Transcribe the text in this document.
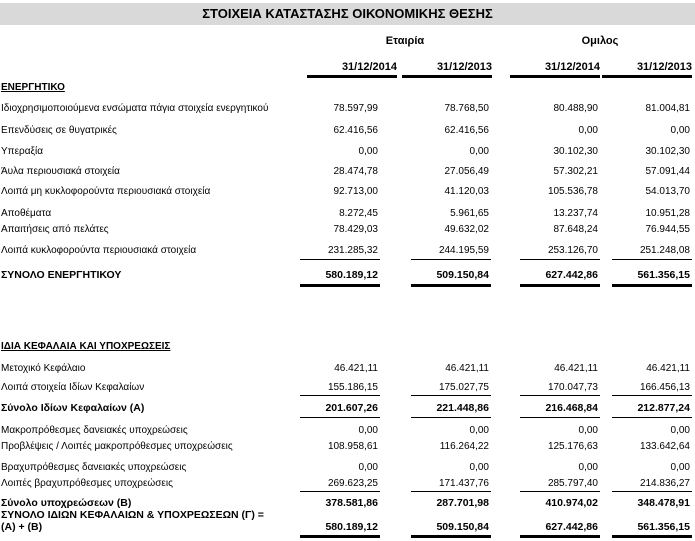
ΣΤΟΙΧΕΙΑ ΚΑΤΑΣΤΑΣΗΣ ΟΙΚΟΝΟΜΙΚΗΣ ΘΕΣΗΣ
Εταιρία	Ομιλος
31/12/2014	31/12/2013	31/12/2014	31/12/2013
ΕΝΕΡΓΗΤΙΚΟ
Ιδιοχρησιμοποιούμενα ενσώματα πάγια στοιχεία ενεργητικού	78.597,99	78.768,50	80.488,90	81.004,81
Επενδύσεις σε θυγατρικές	62.416,56	62.416,56	0,00	0,00
Υπεραξία	0,00	0,00	30.102,30	30.102,30
Άυλα περιουσιακά στοιχεία	28.474,78	27.056,49	57.302,21	57.091,44
Λοιπά μη κυκλοφορούντα περιουσιακά στοιχεία	92.713,00	41.120,03	105.536,78	54.013,70
Αποθέματα	8.272,45	5.961,65	13.237,74	10.951,28
Απαιτήσεις από πελάτες	78.429,03	49.632,02	87.648,24	76.944,55
Λοιπά κυκλοφορούντα περιουσιακά στοιχεία	231.285,32	244.195,59	253.126,70	251.248,08
ΣΥΝΟΛΟ ΕΝΕΡΓΗΤΙΚΟΥ	580.189,12	509.150,84	627.442,86	561.356,15
ΙΔΙΑ ΚΕΦΑΛΑΙΑ ΚΑΙ ΥΠΟΧΡΕΩΣΕΙΣ
Μετοχικό Κεφάλαιο	46.421,11	46.421,11	46.421,11	46.421,11
Λοιπά στοιχεία Ιδίων Κεφαλαίων	155.186,15	175.027,75	170.047,73	166.456,13
Σύνολο Ιδίων Κεφαλαίων (Α)	201.607,26	221.448,86	216.468,84	212.877,24
Μακροπρόθεσμες δανειακές υποχρεώσεις	0,00	0,00	0,00	0,00
Προβλέψεις / Λοιπές μακροπρόθεσμες υποχρεώσεις	108.958,61	116.264,22	125.176,63	133.642,64
Βραχυπρόθεσμες δανειακές υποχρεώσεις	0,00	0,00	0,00	0,00
Λοιπές βραχυπρόθεσμες υποχρεώσεις	269.623,25	171.437,76	285.797,40	214.836,27
Σύνολο υποχρεώσεων (Β)	378.581,86	287.701,98	410.974,02	348.478,91
ΣΥΝΟΛΟ ΙΔΙΩΝ ΚΕΦΑΛΑΙΩΝ & ΥΠΟΧΡΕΩΣΕΩΝ (Γ) =
(Α) + (Β)	580.189,12	509.150,84	627.442,86	561.356,15
